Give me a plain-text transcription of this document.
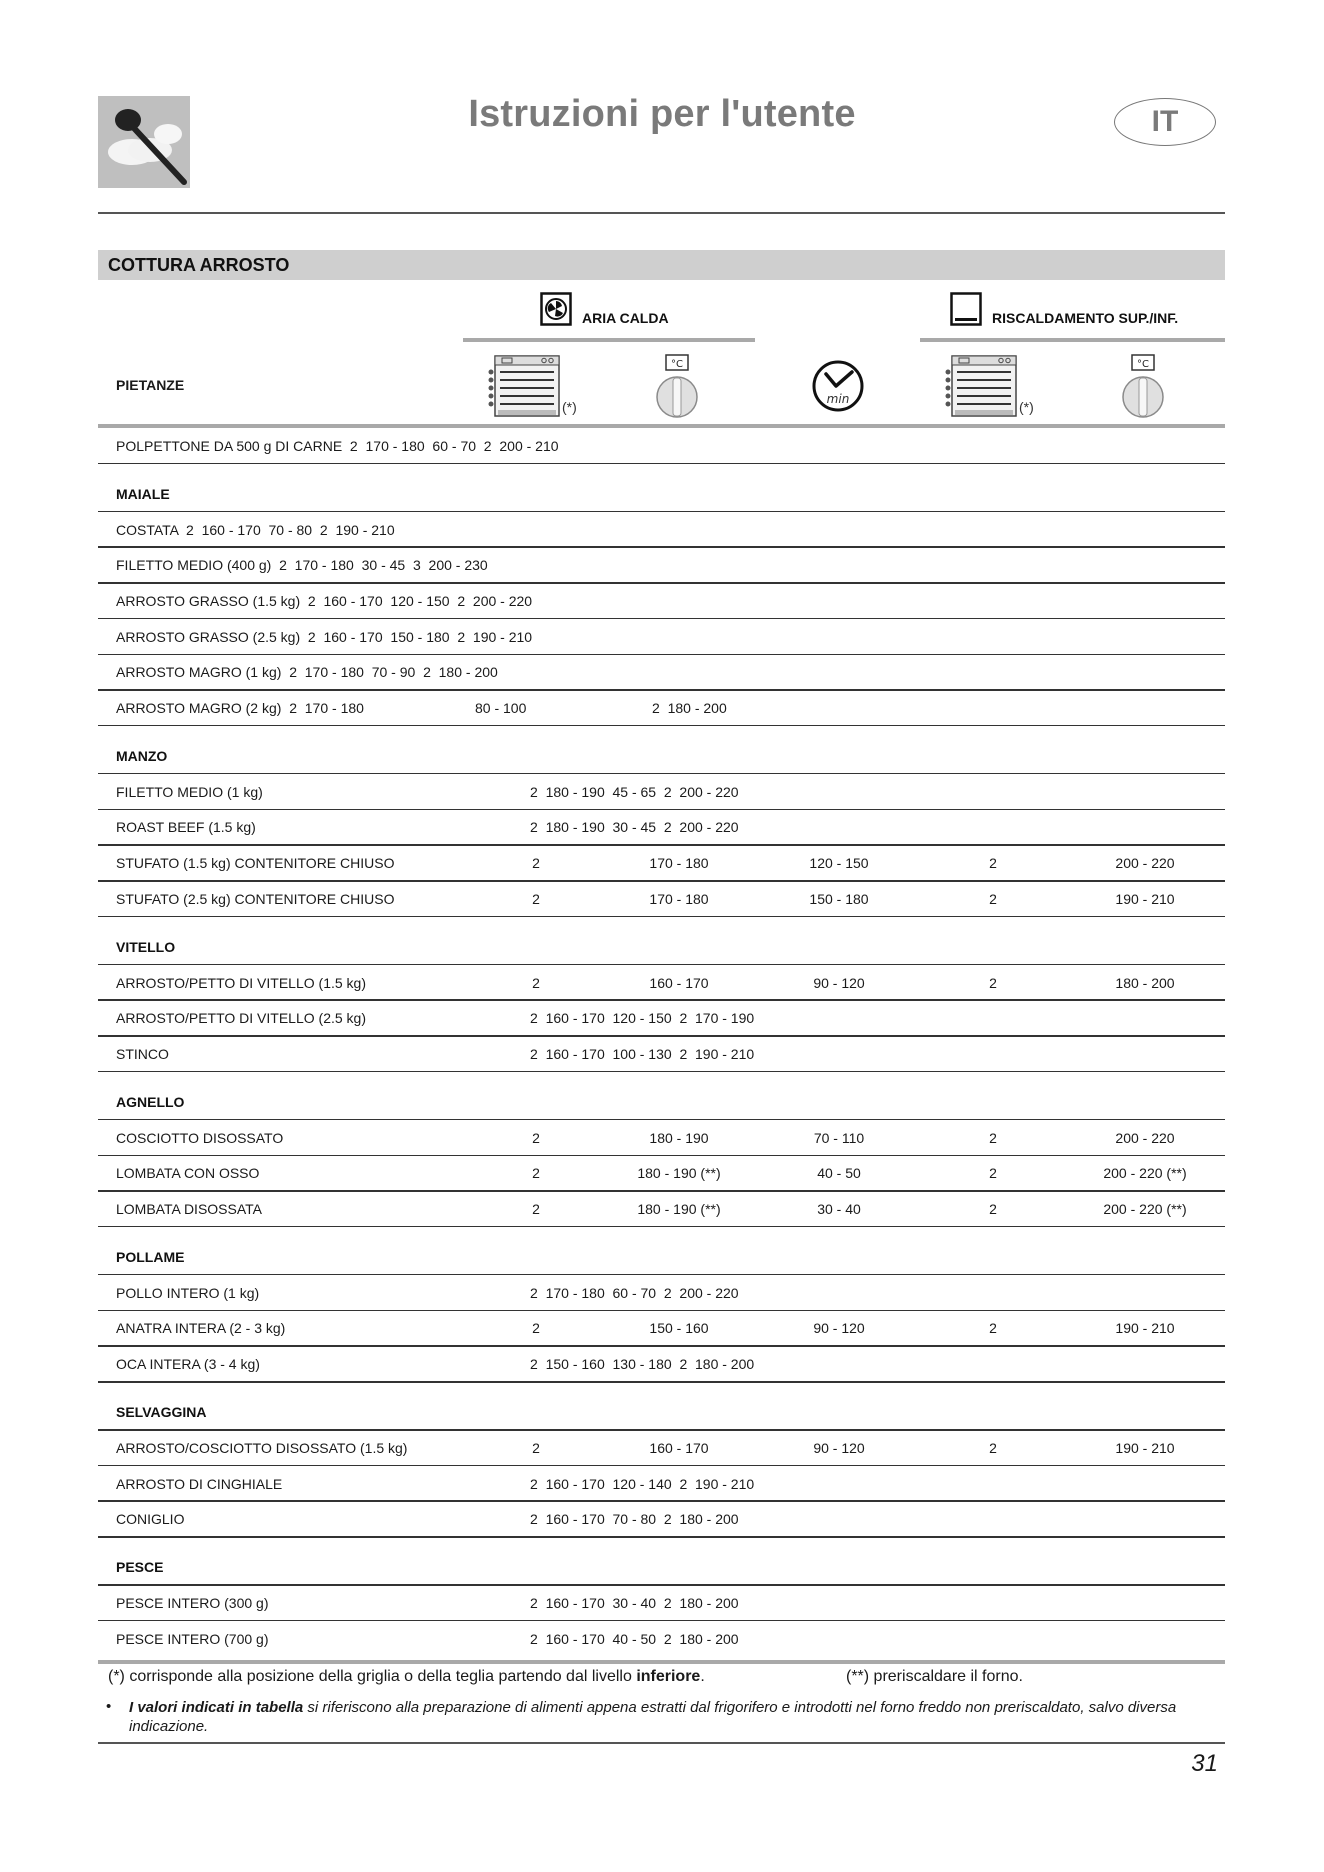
Istruzioni per l'utente	IT
COTTURA ARROSTO
ARIA CALDA	RISCALDAMENTO SUP./INF.
PIETANZE
(*)
°C
min	(*)
°C
POLPETTONE DA 500 g DI CARNE  2  170 - 180  60 - 70  2  200 - 210
MAIALE
COSTATA  2  160 - 170  70 - 80  2  190 - 210
FILETTO MEDIO (400 g)  2  170 - 180  30 - 45  3  200 - 230
ARROSTO GRASSO (1.5 kg)  2  160 - 170  120 - 150  2  200 - 220
ARROSTO GRASSO (2.5 kg)  2  160 - 170  150 - 180  2  190 - 210
ARROSTO MAGRO (1 kg)  2  170 - 180  70 - 90  2  180 - 200
ARROSTO MAGRO (2 kg)  2  170 - 180	80 - 100	2  180 - 200
MANZO
FILETTO MEDIO (1 kg)	2  180 - 190  45 - 65  2  200 - 220
ROAST BEEF (1.5 kg)	2  180 - 190  30 - 45  2  200 - 220
STUFATO (1.5 kg) CONTENITORE CHIUSO	2	170 - 180	120 - 150	2	200 - 220
STUFATO (2.5 kg) CONTENITORE CHIUSO	2	170 - 180	150 - 180	2	190 - 210
VITELLO
ARROSTO/PETTO DI VITELLO (1.5 kg)	2	160 - 170	90 - 120	2	180 - 200
ARROSTO/PETTO DI VITELLO (2.5 kg)	2  160 - 170  120 - 150  2  170 - 190
STINCO	2  160 - 170  100 - 130  2  190 - 210
AGNELLO
COSCIOTTO DISOSSATO	2	180 - 190	70 - 110	2	200 - 220
LOMBATA CON OSSO	2	180 - 190 (**)	40 - 50	2	200 - 220 (**)
LOMBATA DISOSSATA	2	180 - 190 (**)	30 - 40	2	200 - 220 (**)
POLLAME
POLLO INTERO (1 kg)	2  170 - 180  60 - 70  2  200 - 220
ANATRA INTERA (2 - 3 kg)	2	150 - 160	90 - 120	2	190 - 210
OCA INTERA (3 - 4 kg)	2  150 - 160  130 - 180  2  180 - 200
SELVAGGINA
ARROSTO/COSCIOTTO DISOSSATO (1.5 kg)	2	160 - 170	90 - 120	2	190 - 210
ARROSTO DI CINGHIALE	2  160 - 170  120 - 140  2  190 - 210
CONIGLIO	2  160 - 170  70 - 80  2  180 - 200
PESCE
PESCE INTERO (300 g)	2  160 - 170  30 - 40  2  180 - 200
PESCE INTERO (700 g)	2  160 - 170  40 - 50  2  180 - 200
(*) corrisponde alla posizione della griglia o della teglia partendo dal livello inferiore.	(**) preriscaldare il forno.
• I valori indicati in tabella si riferiscono alla preparazione di alimenti appena estratti dal frigorifero e introdotti nel forno freddo non preriscaldato, salvo diversa indicazione.
31
